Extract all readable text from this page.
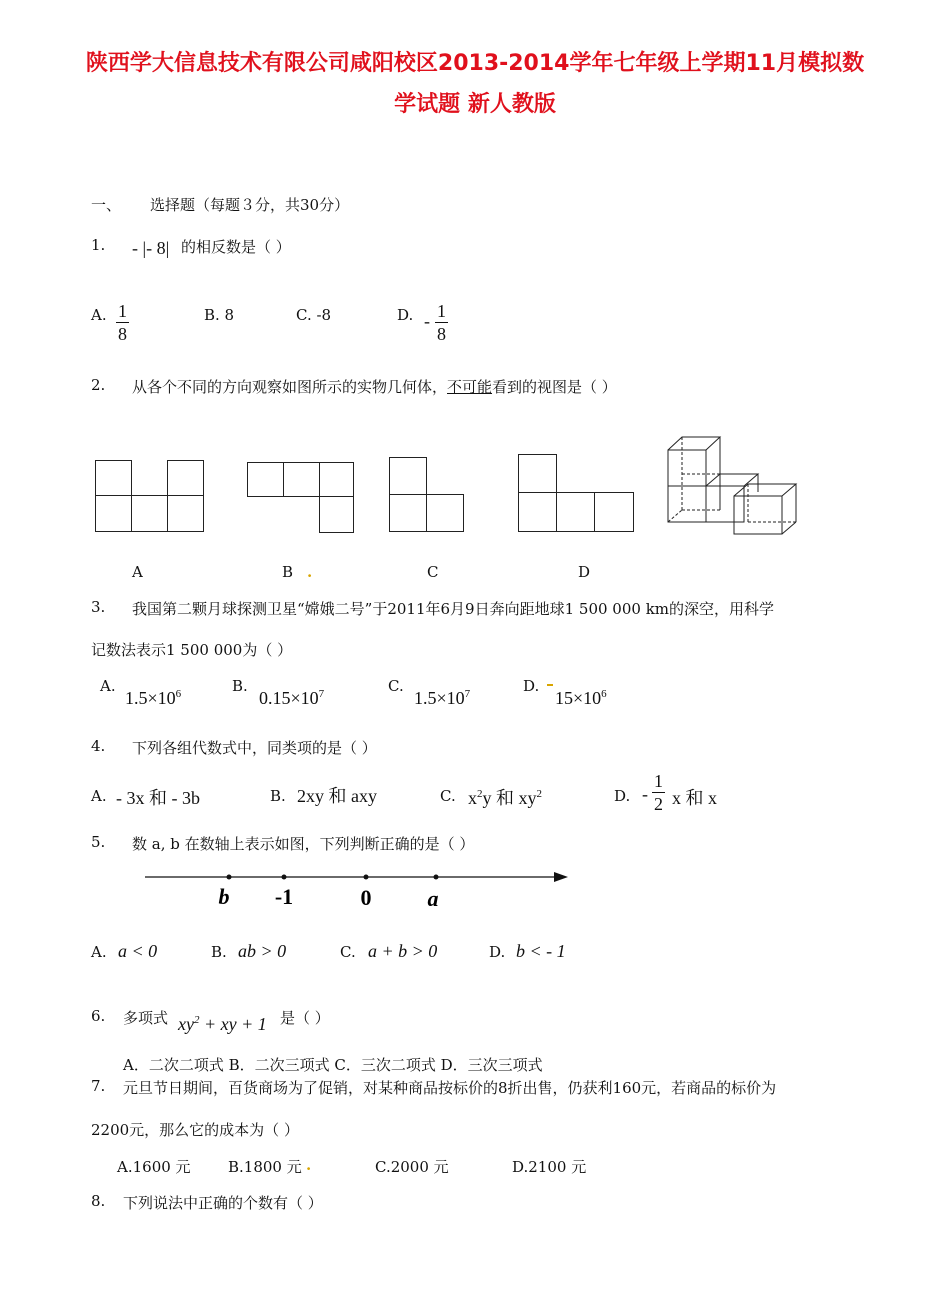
陕西学大信息技术有限公司咸阳校区2013-2014学年七年级上学期11月模拟数
学试题 新人教版
一、 选择题（每题３分，共30分）
1. - |- 8| 的相反数是（ ）
A. $\frac{1}{8}$	B. 8	C. -8	D. - $\frac{1}{8}$
2. 从各个不同的方向观察如图所示的实物几何体，不可能看到的视图是（ ）
A	B .	C	D
3. 我国第二颗月球探测卫星“嫦娥二号”于2011年6月9日奔向距地球1 500 000 km的深空，用科学
记数法表示1 500 000为（ ）
A.
$1.5\times 10^6$	B.
$0.15\times 10^7$	C.
$1.5\times 10^7$	D.
$15\times 10^6$
4. 下列各组代数式中，同类项的是（ ）
A. - 3x 和 - 3b	B. 2xy 和 axy	C. $x^2y$ 和 $xy^2$	D. - $\frac{1}{2}$ x 和 x
5. 数 a, b 在数轴上表示如图，下列判断正确的是（ ）
b -1	0	a
A. a < 0	B. ab > 0	C. a + b > 0	D. b < - 1
6. 多项式 $xy^2$ + xy + 1 是（ ）
A．二次二项式 B．二次三项式 C．三次二项式 D．三次三项式
7. 元旦节日期间，百货商场为了促销，对某种商品按标价的8折出售，仍获利160元，若商品的标价为
2200元，那么它的成本为（ ）
A.1600 元 B.1800 元 .	C.2000 元	D.2100 元
8. 下列说法中正确的个数有（ ）
